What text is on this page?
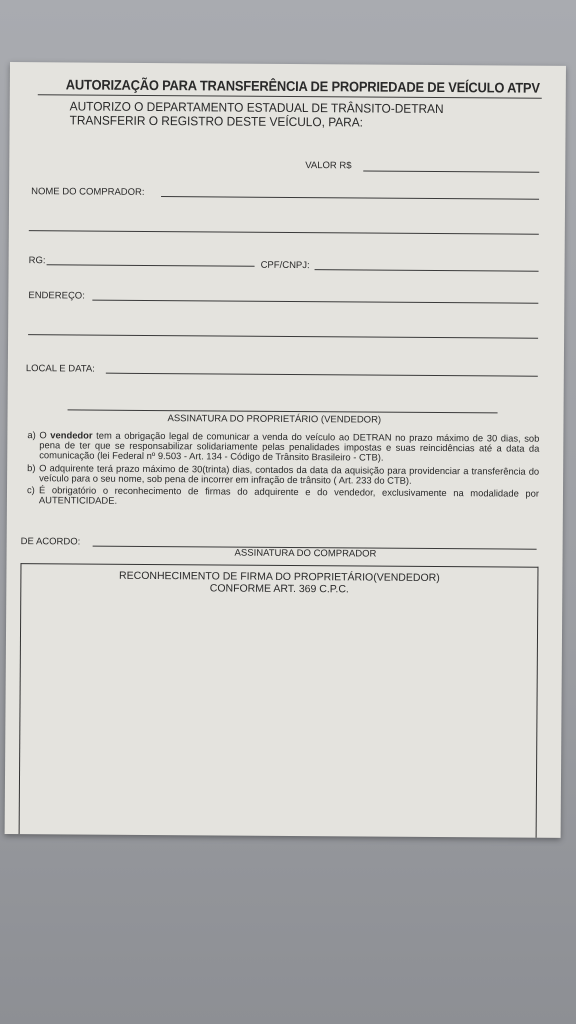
AUTORIZAÇÃO PARA TRANSFERÊNCIA DE PROPRIEDADE DE VEÍCULO ATPV
AUTORIZO O DEPARTAMENTO ESTADUAL DE TRÂNSITO-DETRAN
TRANSFERIR O REGISTRO DESTE VEÍCULO, PARA:
VALOR R$
NOME DO COMPRADOR:
RG:	CPF/CNPJ:
ENDEREÇO:
LOCAL E DATA:
ASSINATURA DO PROPRIETÁRIO (VENDEDOR)
a) O vendedor tem a obrigação legal de comunicar a venda do veículo ao DETRAN no prazo máximo de 30 dias, sob pena de ter que se responsabilizar solidariamente pelas penalidades impostas e suas reincidências até a data da comunicação (lei Federal nº 9.503 - Art. 134 - Código de Trânsito Brasileiro - CTB).
b) O adquirente terá prazo máximo de 30(trinta) dias, contados da data da aquisição para providenciar a transferência do veículo para o seu nome, sob pena de incorrer em infração de trânsito ( Art. 233 do CTB).
c) É obrigatório o reconhecimento de firmas do adquirente e do vendedor, exclusivamente na modalidade por AUTENTICIDADE.
DE ACORDO:
ASSINATURA DO COMPRADOR
RECONHECIMENTO DE FIRMA DO PROPRIETÁRIO(VENDEDOR)
CONFORME ART. 369 C.P.C.
